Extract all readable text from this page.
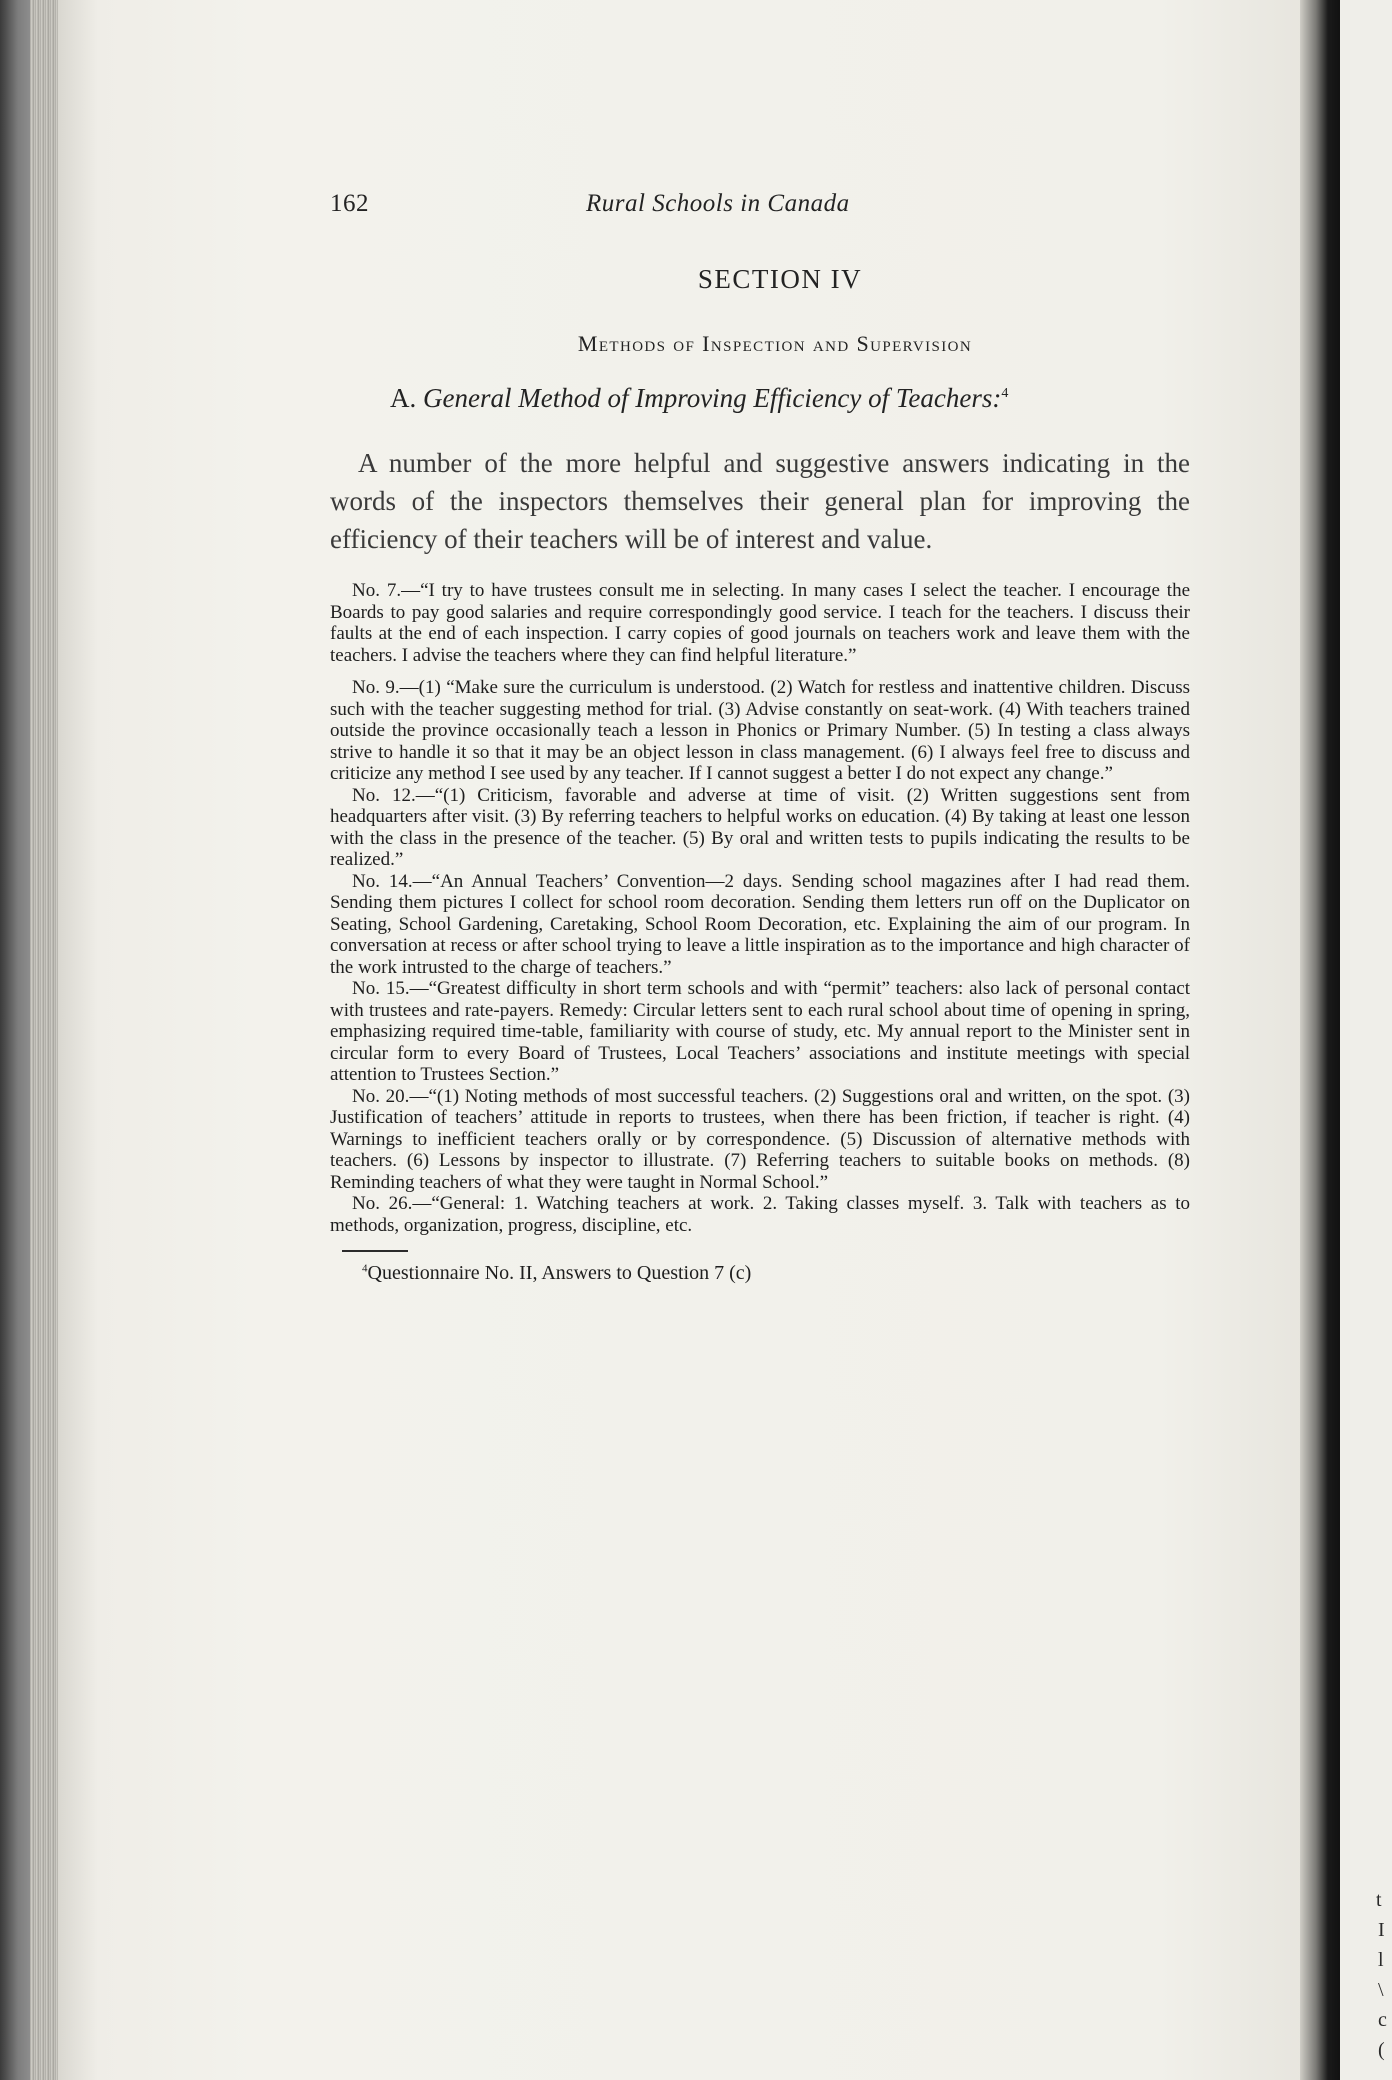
t
I
l
\
c
(
162	Rural Schools in Canada
SECTION IV
Methods of Inspection and Supervision
A. General Method of Improving Efficiency of Teachers:$^4$
A number of the more helpful and suggestive answers indicating in the words of the inspectors themselves their general plan for improving the efficiency of their teachers will be of interest and value.

No. 7.—“I try to have trustees consult me in selecting. In many cases I select the teacher. I encourage the Boards to pay good salaries and require correspondingly good service. I teach for the teachers. I discuss their faults at the end of each inspection. I carry copies of good journals on teachers work and leave them with the teachers. I advise the teachers where they can find helpful literature.”

No. 9.—(1) “Make sure the curriculum is understood. (2) Watch for restless and inattentive children. Discuss such with the teacher suggesting method for trial. (3) Advise constantly on seat-work. (4) With teachers trained outside the province occasionally teach a lesson in Phonics or Primary Number. (5) In testing a class always strive to handle it so that it may be an object lesson in class management. (6) I always feel free to discuss and criticize any method I see used by any teacher. If I cannot suggest a better I do not expect any change.”

No. 12.—“(1) Criticism, favorable and adverse at time of visit. (2) Written suggestions sent from headquarters after visit. (3) By referring teachers to helpful works on education. (4) By taking at least one lesson with the class in the presence of the teacher. (5) By oral and written tests to pupils indicating the results to be realized.”

No. 14.—“An Annual Teachers’ Convention—2 days. Sending school magazines after I had read them. Sending them pictures I collect for school room decoration. Sending them letters run off on the Duplicator on Seating, School Gardening, Caretaking, School Room Decoration, etc. Explaining the aim of our program. In conversation at recess or after school trying to leave a little inspiration as to the importance and high character of the work intrusted to the charge of teachers.”

No. 15.—“Greatest difficulty in short term schools and with “permit” teachers: also lack of personal contact with trustees and rate-payers. Remedy: Circular letters sent to each rural school about time of opening in spring, emphasizing required time-table, familiarity with course of study, etc. My annual report to the Minister sent in circular form to every Board of Trustees, Local Teachers’ associations and institute meetings with special attention to Trustees Section.”

No. 20.—“(1) Noting methods of most successful teachers. (2) Suggestions oral and written, on the spot. (3) Justification of teachers’ attitude in reports to trustees, when there has been friction, if teacher is right. (4) Warnings to inefficient teachers orally or by correspondence. (5) Discussion of alternative methods with teachers. (6) Lessons by inspector to illustrate. (7) Referring teachers to suitable books on methods. (8) Reminding teachers of what they were taught in Normal School.”

No. 26.—“General: 1. Watching teachers at work. 2. Taking classes myself. 3. Talk with teachers as to methods, organization, progress, discipline, etc.

$^4$Questionnaire No. II, Answers to Question 7 (c)
